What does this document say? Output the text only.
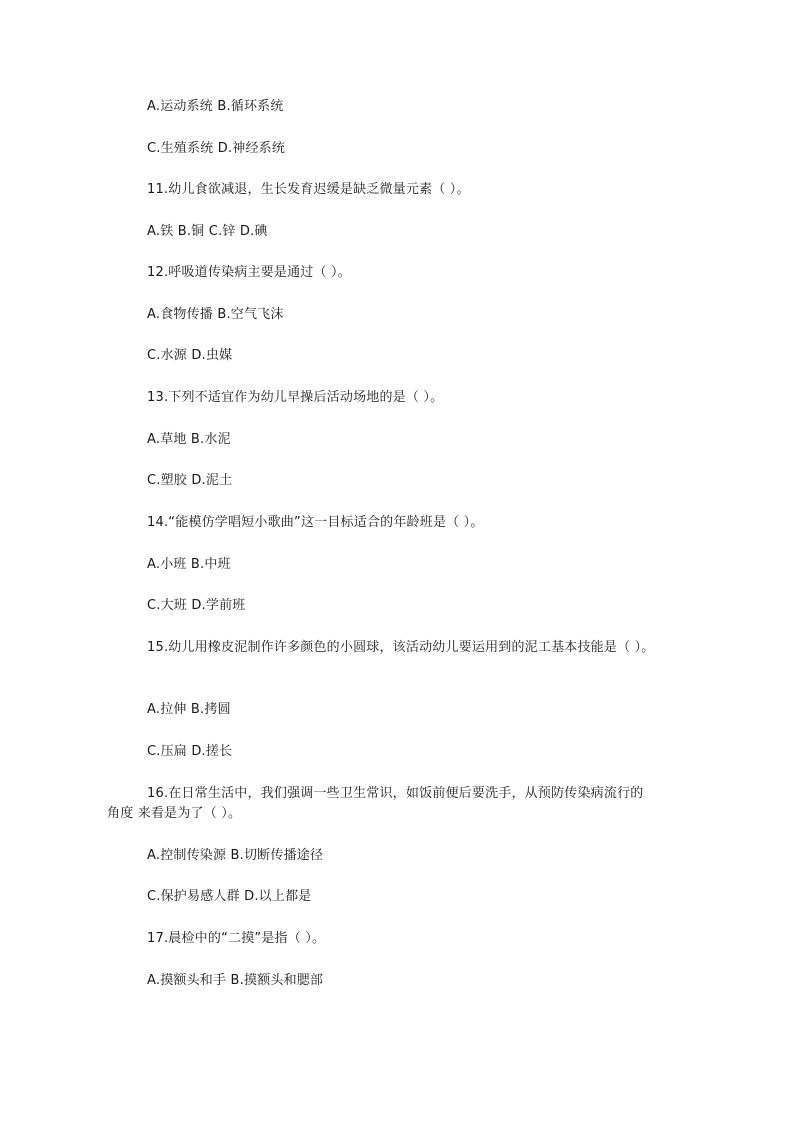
A.运动系统 B.循环系统
C.生殖系统 D.神经系统
11.幼儿食欲减退，生长发育迟缓是缺乏微量元素（ ）。
A.铁 B.铜 C.锌 D.碘
12.呼吸道传染病主要是通过（ ）。
A.食物传播 B.空气飞沫
C.水源 D.虫媒
13.下列不适宜作为幼儿早操后活动场地的是（ ）。
A.草地 B.水泥
C.塑胶 D.泥土
14.“能模仿学唱短小歌曲”这一目标适合的年龄班是（ ）。
A.小班 B.中班
C.大班 D.学前班
15.幼儿用橡皮泥制作许多颜色的小圆球，该活动幼儿要运用到的泥工基本技能是（ ）。
A.拉伸 B.拷圆
C.压扁 D.搓长
16.在日常生活中，我们强调一些卫生常识，如饭前便后要洗手，从预防传染病流行的
角度 来看是为了（ ）。
A.控制传染源 B.切断传播途径
C.保护易感人群 D.以上都是
17.晨检中的“二摸”是指（ ）。
A.摸额头和手 B.摸额头和腮部
